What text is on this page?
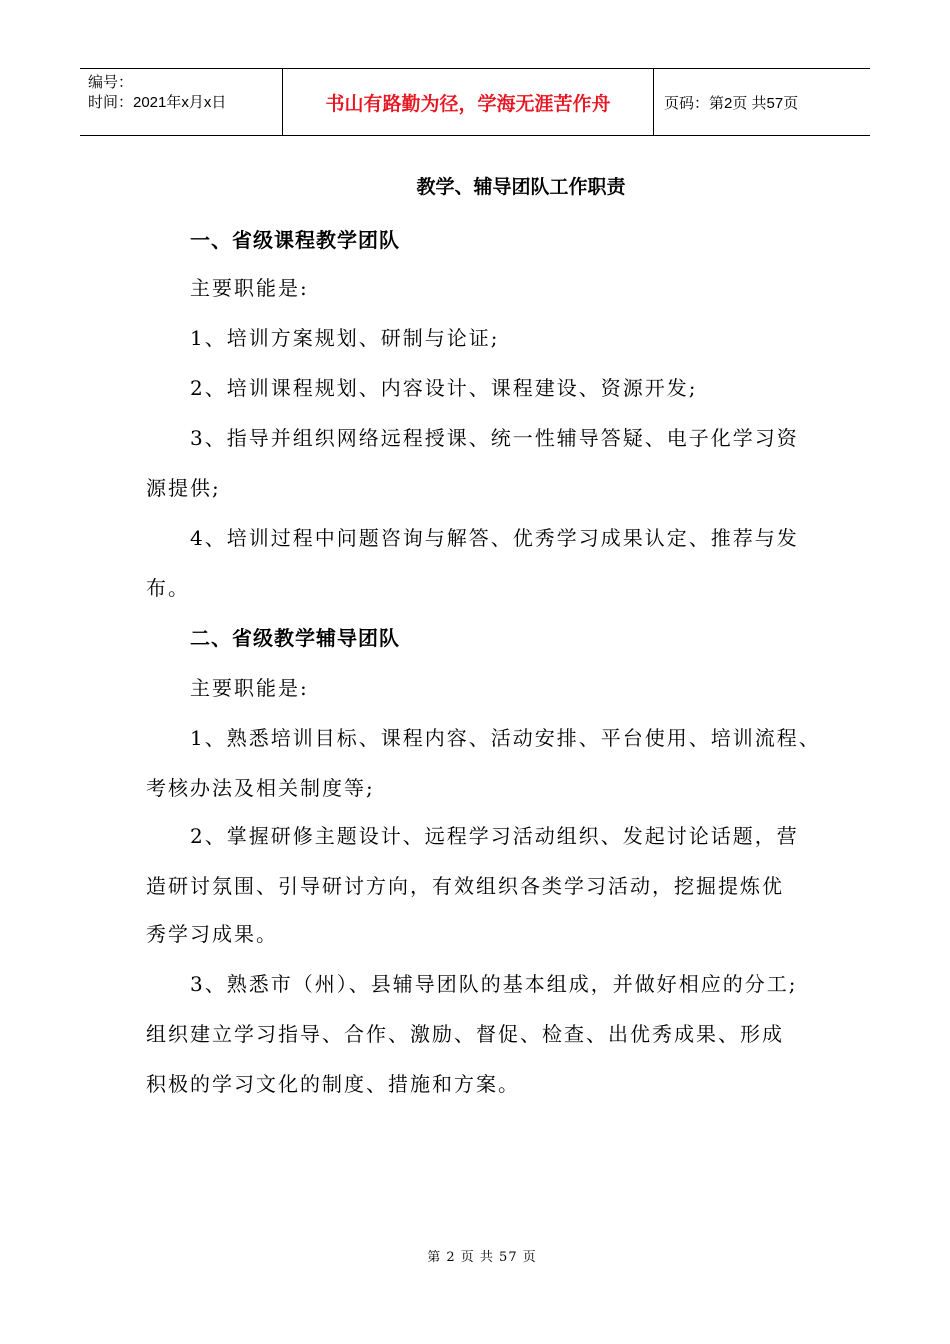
编号：
时间：2021年x月x日	书山有路勤为径，学海无涯苦作舟	页码：第2页 共57页
教学、辅导团队工作职责
一、省级课程教学团队
主要职能是:
1、培训方案规划、研制与论证;
2、培训课程规划、内容设计、课程建设、资源开发;
3、指导并组织网络远程授课、统一性辅导答疑、电子化学习资
源提供;
4、培训过程中问题咨询与解答、优秀学习成果认定、推荐与发
布。
二、省级教学辅导团队
主要职能是:
1、熟悉培训目标、课程内容、活动安排、平台使用、培训流程、
考核办法及相关制度等;
2、掌握研修主题设计、远程学习活动组织、发起讨论话题，营
造研讨氛围、引导研讨方向，有效组织各类学习活动，挖掘提炼优
秀学习成果。
3、熟悉市（州）、县辅导团队的基本组成，并做好相应的分工;
组织建立学习指导、合作、激励、督促、检查、出优秀成果、形成
积极的学习文化的制度、措施和方案。
第 2 页 共 57 页
